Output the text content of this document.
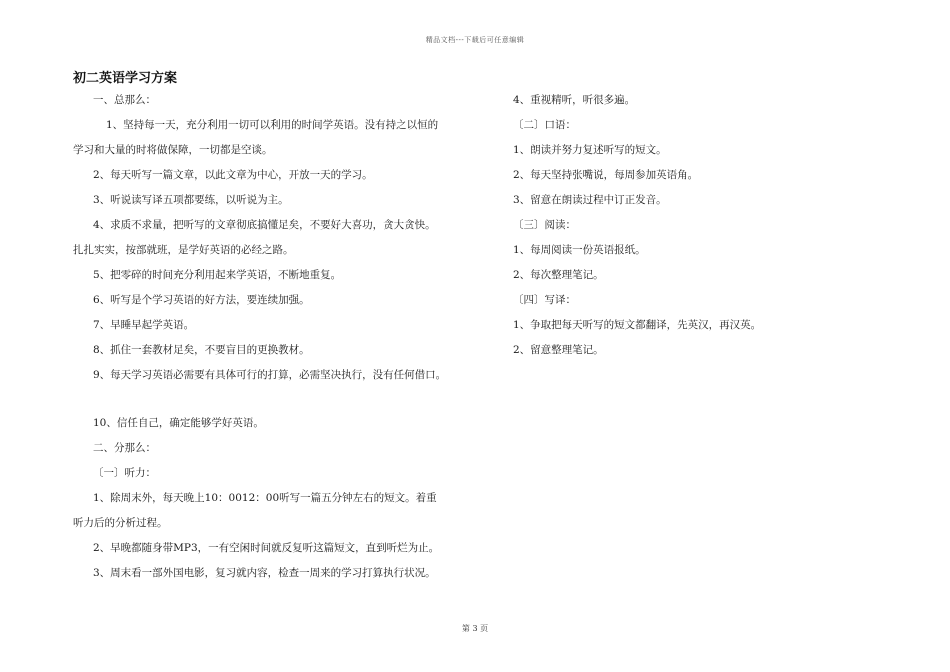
精品文档---下载后可任意编辑
初二英语学习方案

一、总那么：

1、坚持每一天，充分利用一切可以利用的时间学英语。没有持之以恒的

学习和大量的时将做保障，一切都是空谈。

2、每天听写一篇文章，以此文章为中心，开放一天的学习。

3、听说读写译五项都要练，以听说为主。

4、求质不求量，把听写的文章彻底搞懂足矣，不要好大喜功，贪大贪快。

扎扎实实，按部就班，是学好英语的必经之路。

5、把零碎的时间充分利用起来学英语，不断地重复。

6、听写是个学习英语的好方法，要连续加强。

7、早睡早起学英语。

8、抓住一套教材足矣，不要盲目的更换教材。

9、每天学习英语必需要有具体可行的打算，必需坚决执行，没有任何借口。

10、信任自己，确定能够学好英语。

二、分那么：

〔一〕听力：

1、除周末外，每天晚上10：0012：00听写一篇五分钟左右的短文。着重

听力后的分析过程。

2、早晚都随身带MP3，一有空闲时间就反复听这篇短文，直到听烂为止。

3、周末看一部外国电影，复习就内容，检查一周来的学习打算执行状况。

4、重视精听，听很多遍。

〔二〕口语：

1、朗读并努力复述听写的短文。

2、每天坚持张嘴说，每周参加英语角。

3、留意在朗读过程中订正发音。

〔三〕阅读：

1、每周阅读一份英语报纸。

2、每次整理笔记。

〔四〕写译：

1、争取把每天听写的短文都翻译，先英汉，再汉英。

2、留意整理笔记。

第 3 页
